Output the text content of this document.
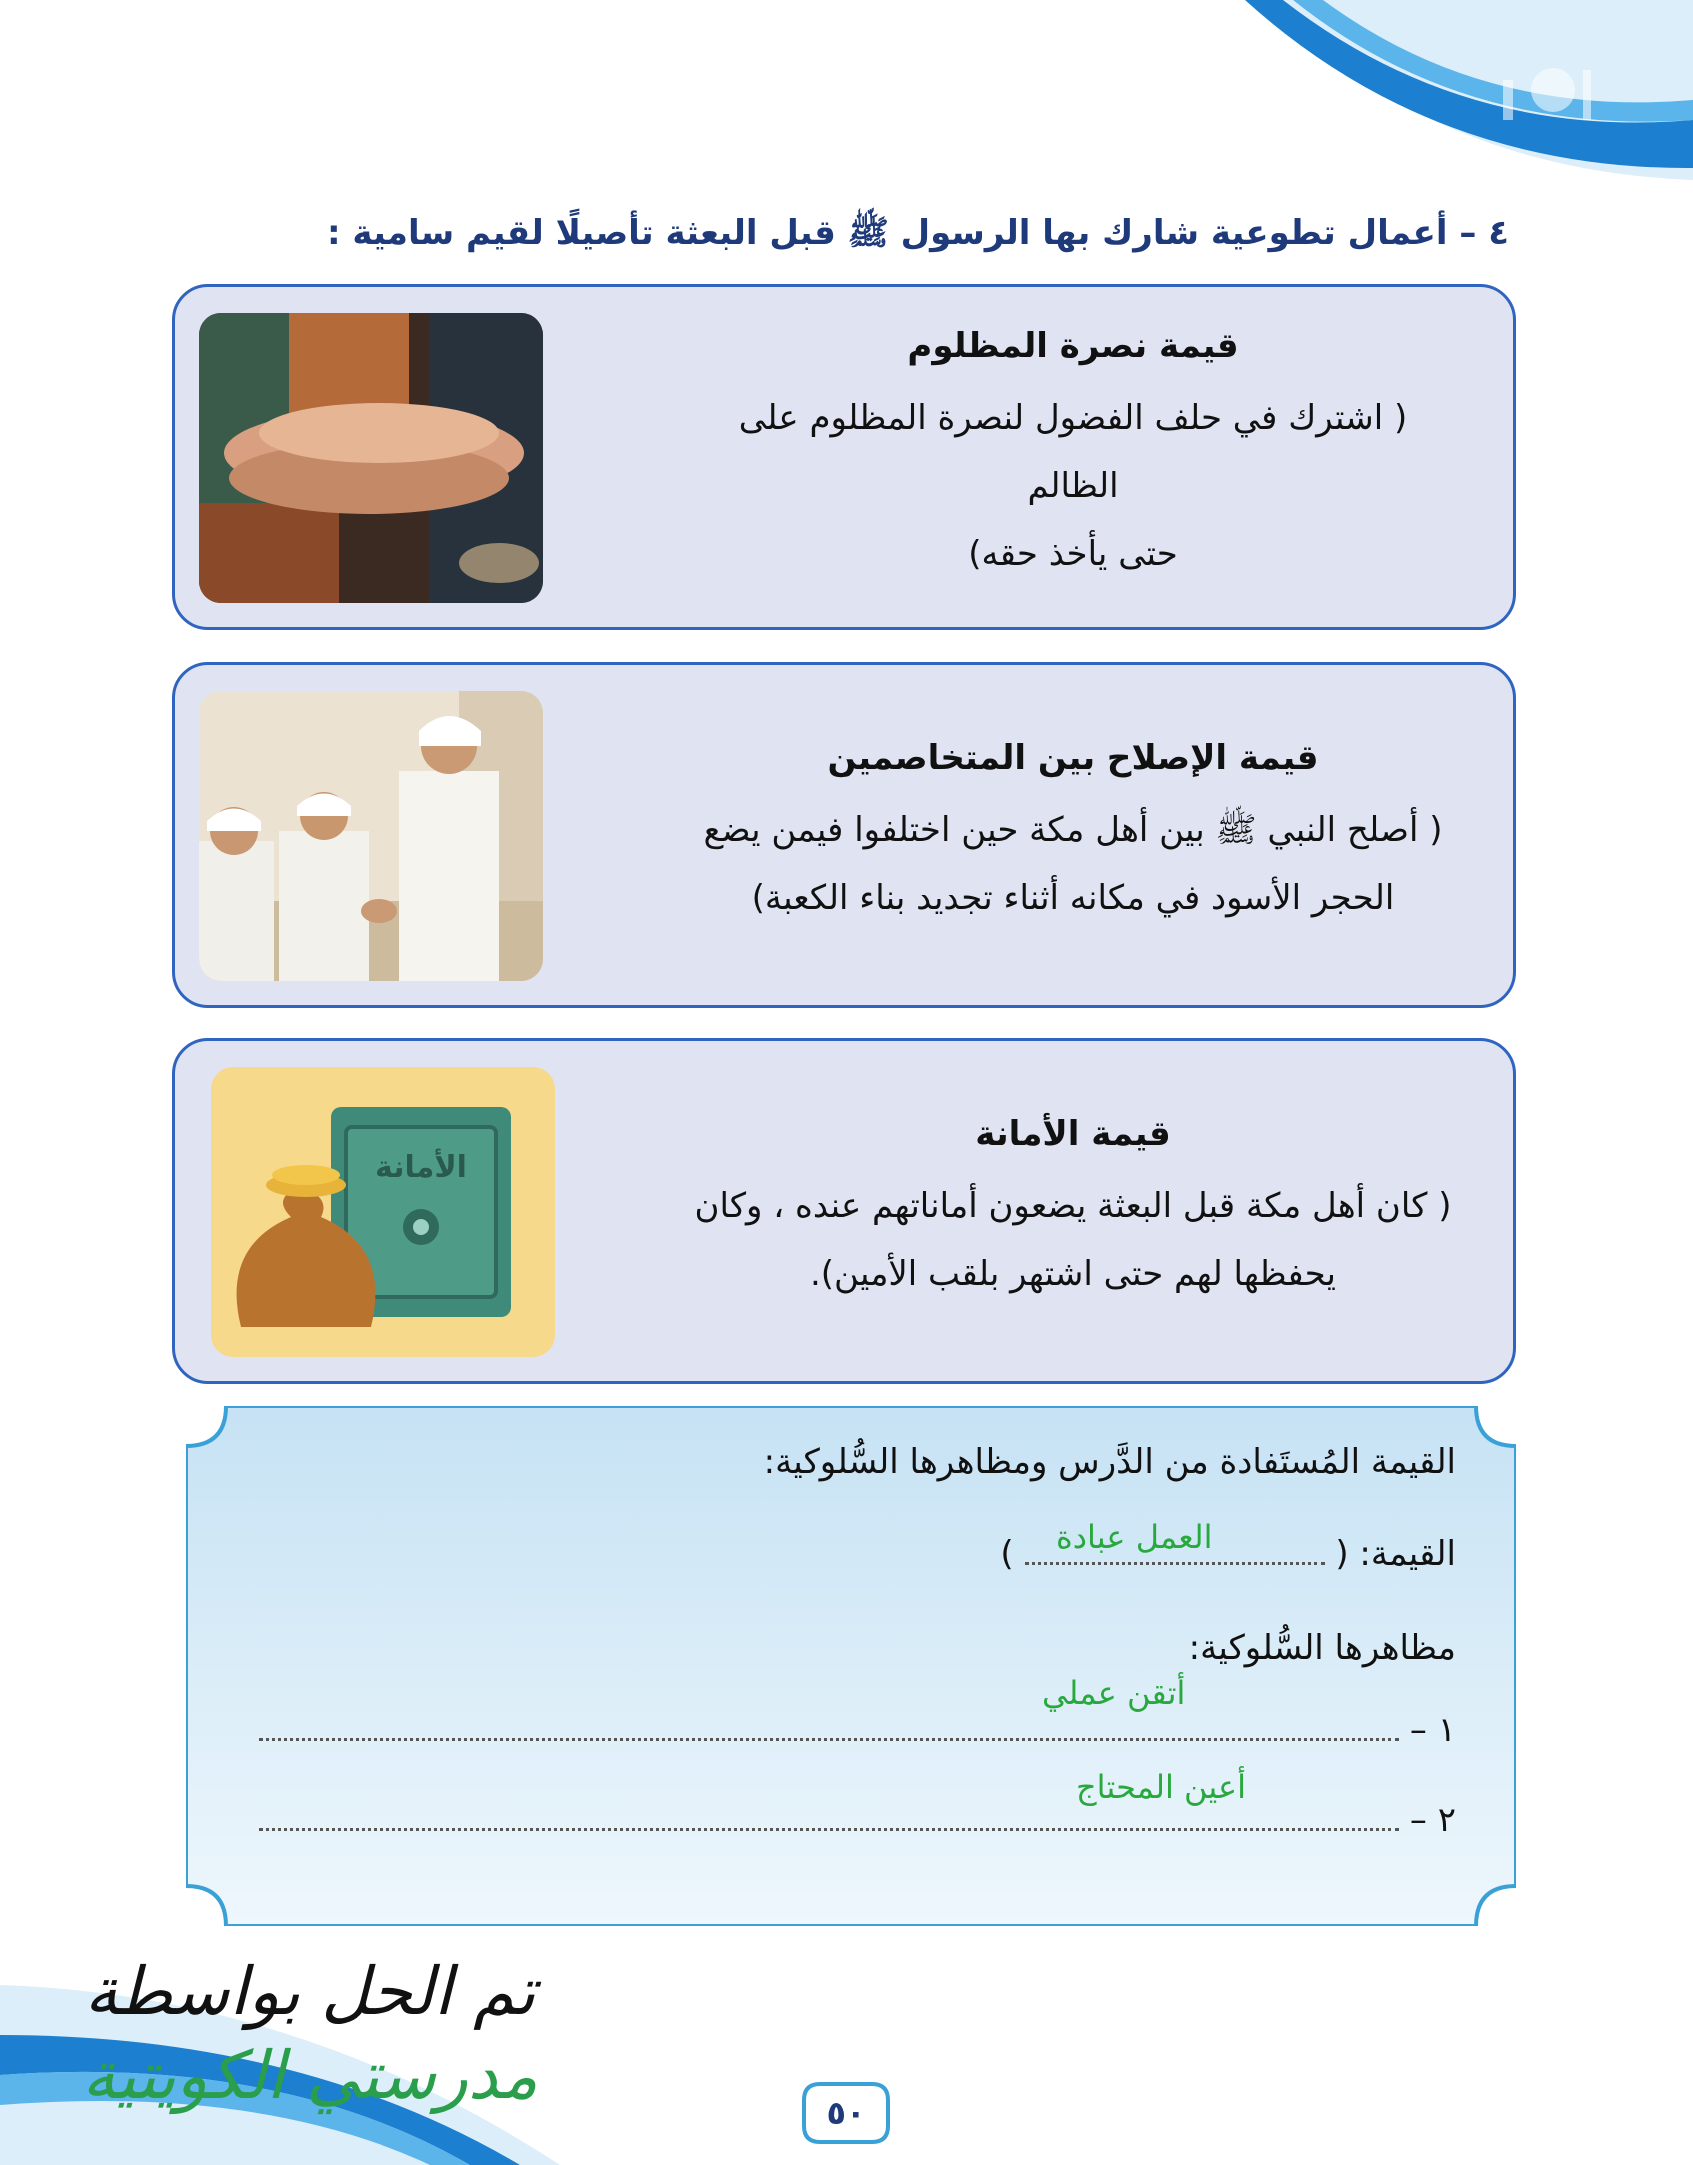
٤ – أعمال تطوعية شارك بها الرسول ﷺ قبل البعثة تأصيلًا لقيم سامية :
قيمة نصرة المظلوم
( اشترك في حلف الفضول لنصرة المظلوم على الظالم
حتى يأخذ حقه)
قيمة الإصلاح بين المتخاصمين
( أصلح النبي ﷺ بين أهل مكة حين اختلفوا فيمن يضع
الحجر الأسود في مكانه أثناء تجديد بناء الكعبة)
الأمانة
قيمة الأمانة
( كان أهل مكة قبل البعثة يضعون أماناتهم عنده ، وكان
يحفظها لهم حتى اشتهر بلقب الأمين).
القيمة المُستَفادة من الدَّرس ومظاهرها السُّلوكية:
القيمة: (  )	العمل عبادة
مظاهرها السُّلوكية:
١ –
أتقن عملي
٢ –
أعين المحتاج
تم الحل بواسطة
مدرستي الكويتية	٥٠
